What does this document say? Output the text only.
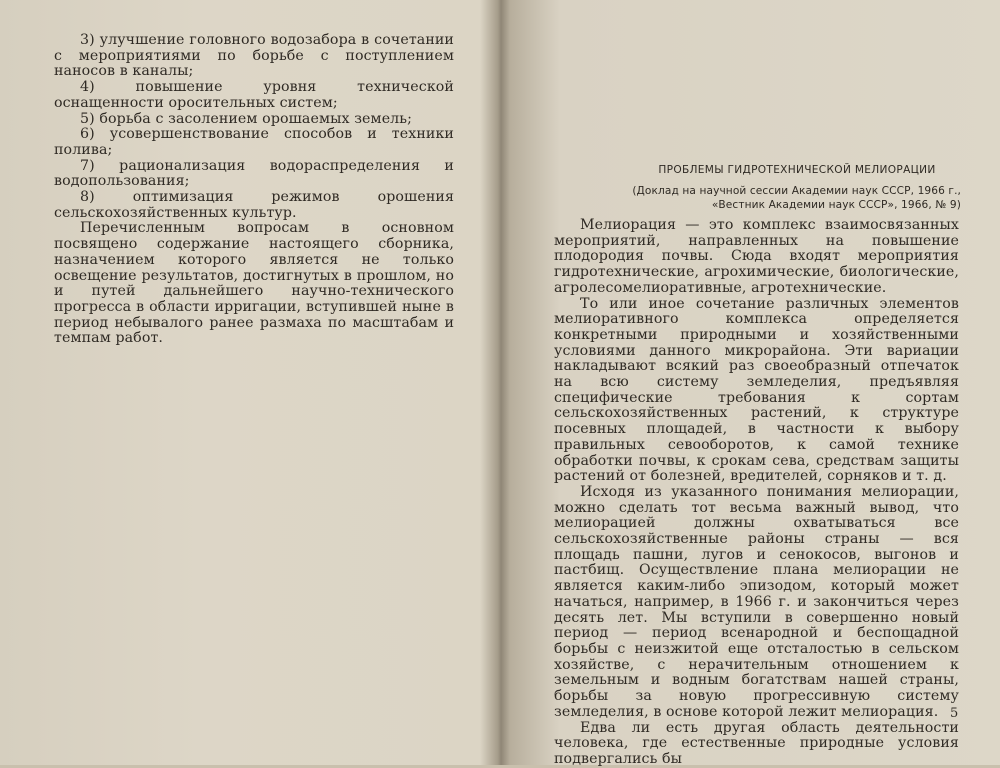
3) улучшение головного водозабора в сочетании с мероприятиями по борьбе с поступлением наносов в каналы;

4) повышение уровня технической оснащенности оросительных систем;

5) борьба с засолением орошаемых земель;

6) усовершенствование способов и техники полива;

7) рационализация водораспределения и водопользования;

8) оптимизация режимов орошения сельскохозяйственных культур.

Перечисленным вопросам в основном посвящено содержание настоящего сборника, назначением которого является не только освещение результатов, достигнутых в прошлом, но и путей дальнейшего научно-технического прогресса в области ирригации, вступившей ныне в период небывалого ранее размаха по масштабам и темпам работ.

ПРОБЛЕМЫ ГИДРОТЕХНИЧЕСКОЙ МЕЛИОРАЦИИ
(Доклад на научной сессии Академии наук СССР, 1966 г.,
«Вестник Академии наук СССР», 1966, № 9)

Мелиорация — это комплекс взаимосвязанных мероприятий, направленных на повышение плодородия почвы. Сюда входят мероприятия гидротехнические, агрохимические, биологические, агролесомелиоративные, агротехнические.

То или иное сочетание различных элементов мелиоративного комплекса определяется конкретными природными и хозяйственными условиями данного микрорайона. Эти вариации накладывают всякий раз своеобразный отпечаток на всю систему земледелия, предъявляя специфические требования к сортам сельскохозяйственных растений, к структуре посевных площадей, в частности к выбору правильных севооборотов, к самой технике обработки почвы, к срокам сева, средствам защиты растений от болезней, вредителей, сорняков и т. д.

Исходя из указанного понимания мелиорации, можно сделать тот весьма важный вывод, что мелиорацией должны охватываться все сельскохозяйственные районы страны — вся площадь пашни, лугов и сенокосов, выгонов и пастбищ. Осуществление плана мелиорации не является каким-либо эпизодом, который может начаться, например, в 1966 г. и закончиться через десять лет. Мы вступили в совершенно новый период — период всенародной и беспощадной борьбы с неизжитой еще отсталостью в сельском хозяйстве, с нерачительным отношением к земельным и водным богатствам нашей страны, борьбы за новую прогрессивную систему земледелия, в основе которой лежит мелиорация.

Едва ли есть другая область деятельности человека, где естественные природные условия подвергались бы

5
